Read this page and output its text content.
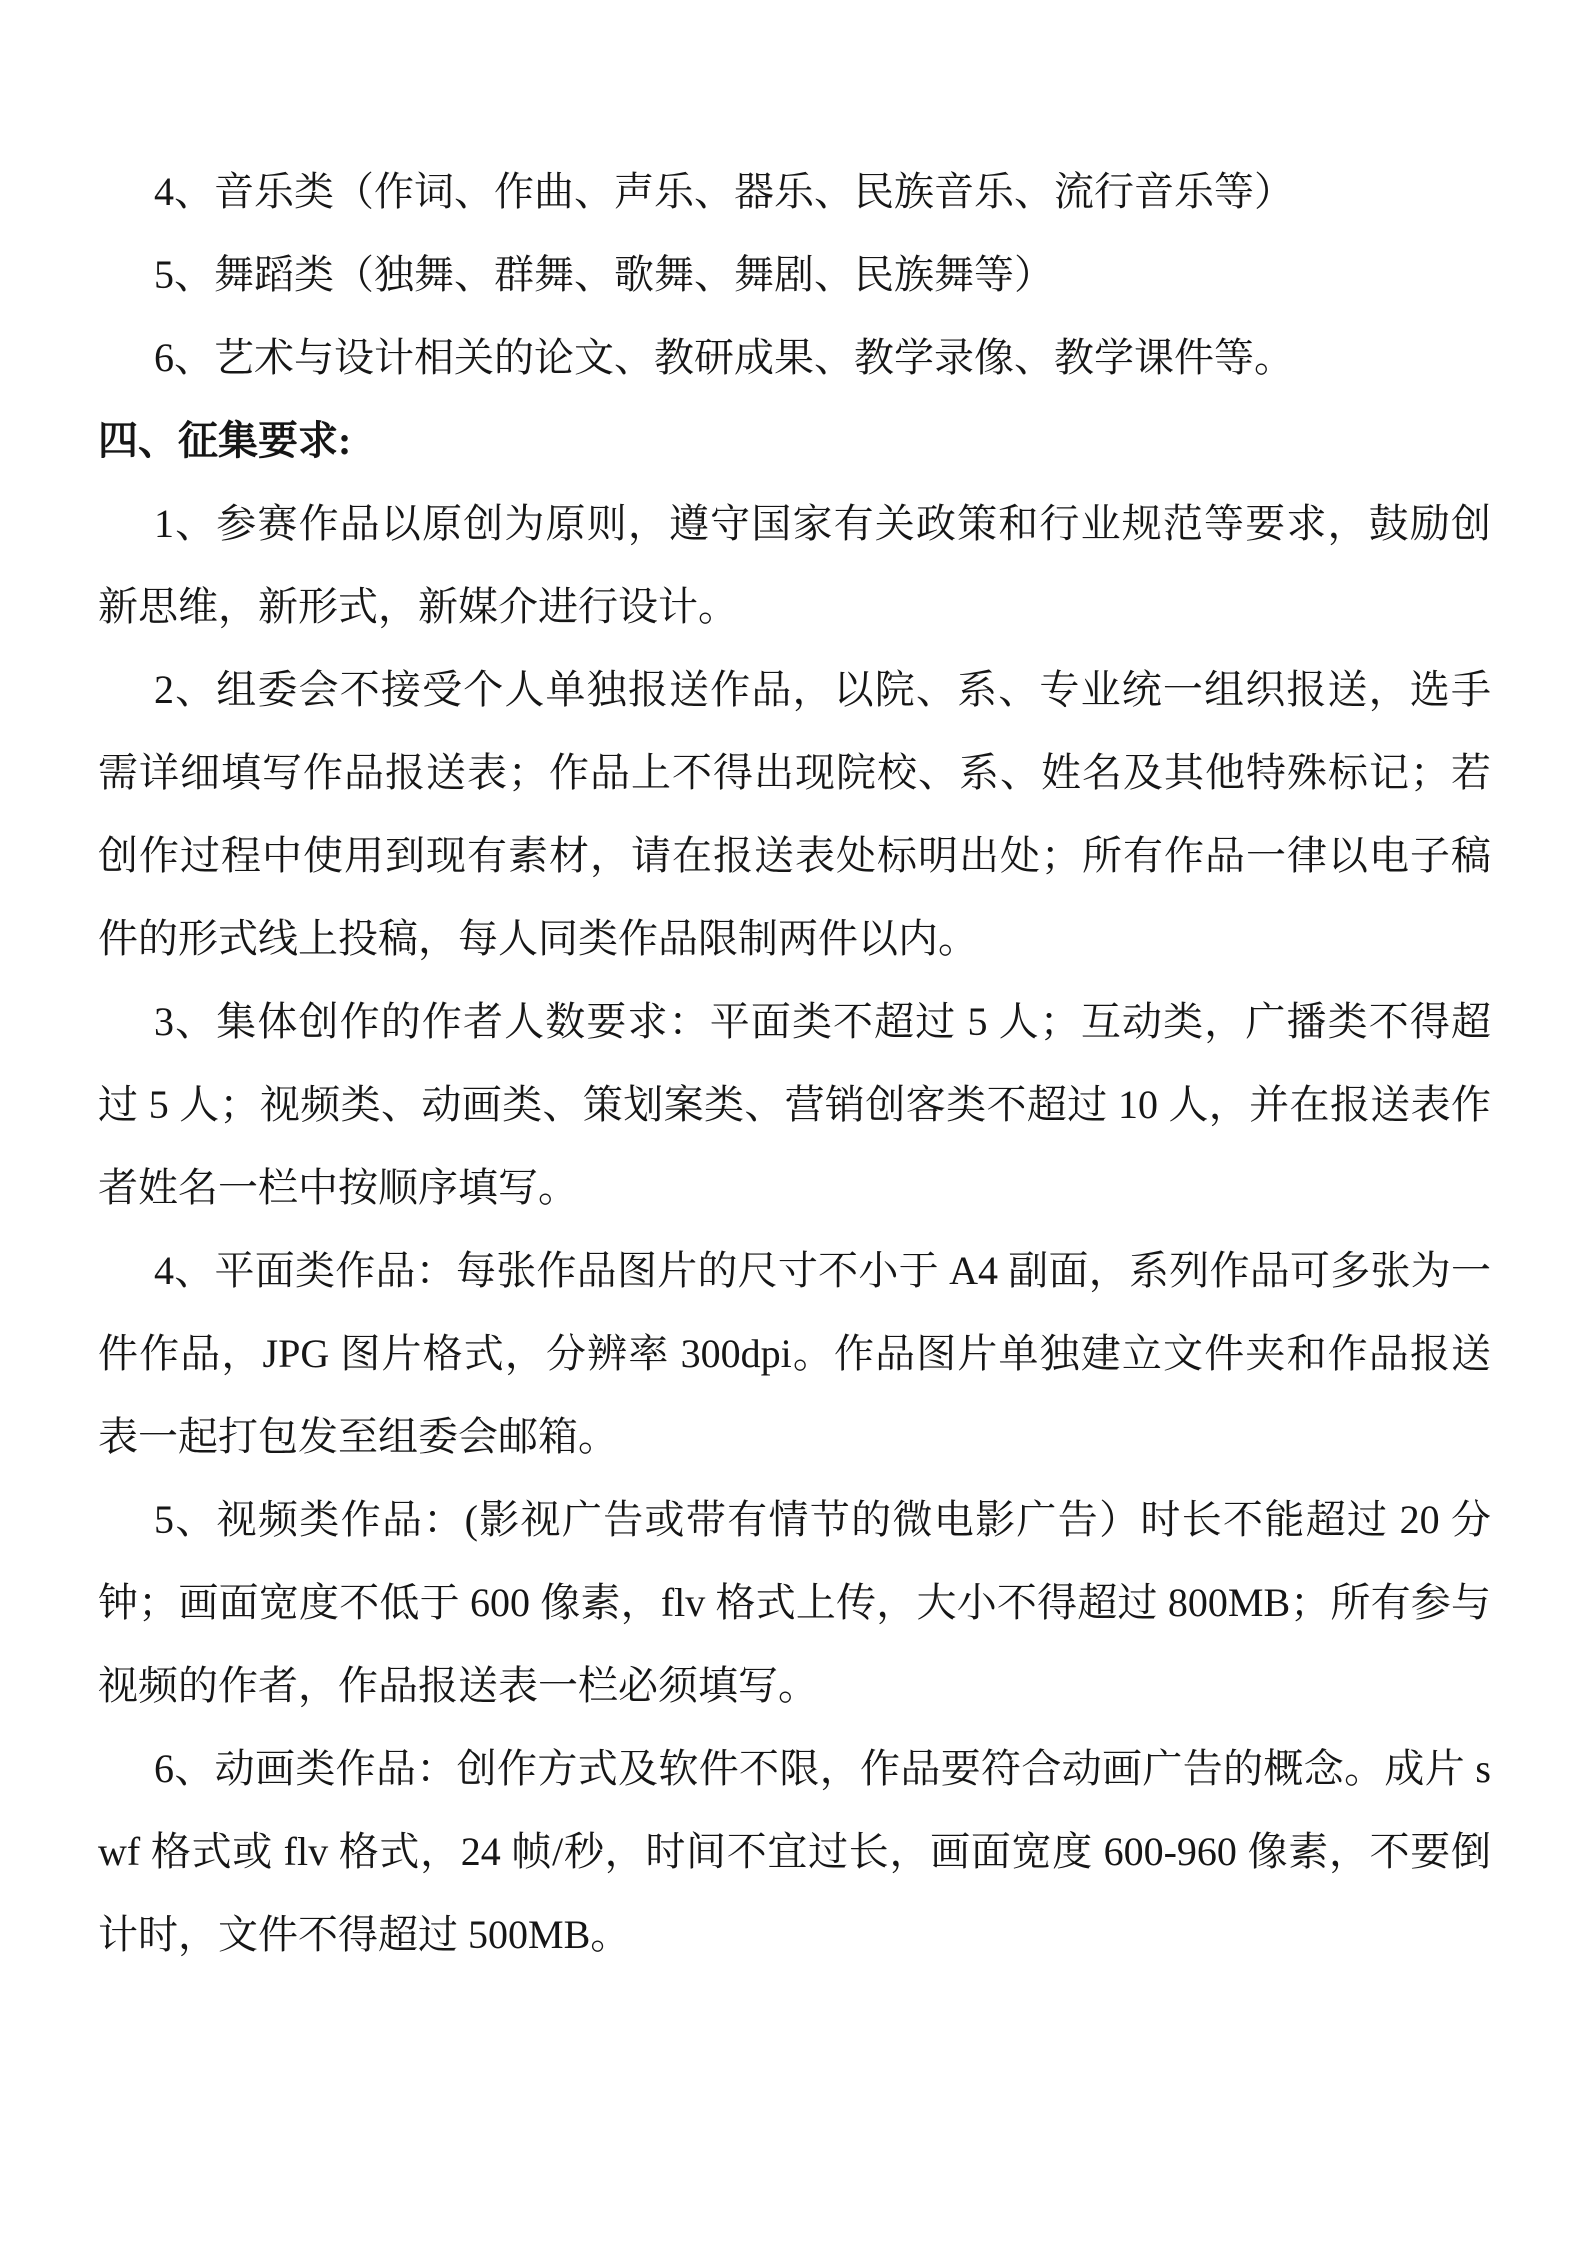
4、音乐类（作词、作曲、声乐、器乐、民族音乐、流行音乐等）

5、舞蹈类（独舞、群舞、歌舞、舞剧、民族舞等）

6、艺术与设计相关的论文、教研成果、教学录像、教学课件等。

四、征集要求:

1、参赛作品以原创为原则，遵守国家有关政策和行业规范等要求，鼓励创新思维，新形式，新媒介进行设计。

2、组委会不接受个人单独报送作品，以院、系、专业统一组织报送，选手需详细填写作品报送表；作品上不得出现院校、系、姓名及其他特殊标记；若创作过程中使用到现有素材，请在报送表处标明出处；所有作品一律以电子稿件的形式线上投稿，每人同类作品限制两件以内。

3、集体创作的作者人数要求：平面类不超过 5 人；互动类，广播类不得超过 5 人；视频类、动画类、策划案类、营销创客类不超过 10 人，并在报送表作者姓名一栏中按顺序填写。

4、平面类作品：每张作品图片的尺寸不小于 A4 副面，系列作品可多张为一件作品，JPG 图片格式，分辨率 300dpi。作品图片单独建立文件夹和作品报送表一起打包发至组委会邮箱。

5、视频类作品：(影视广告或带有情节的微电影广告）时长不能超过 20 分钟；画面宽度不低于 600 像素，flv 格式上传，大小不得超过 800MB；所有参与视频的作者，作品报送表一栏必须填写。

6、动画类作品：创作方式及软件不限，作品要符合动画广告的概念。成片 swf 格式或 flv 格式，24 帧/秒，时间不宜过长，画面宽度 600-960 像素，不要倒计时，文件不得超过 500MB。
